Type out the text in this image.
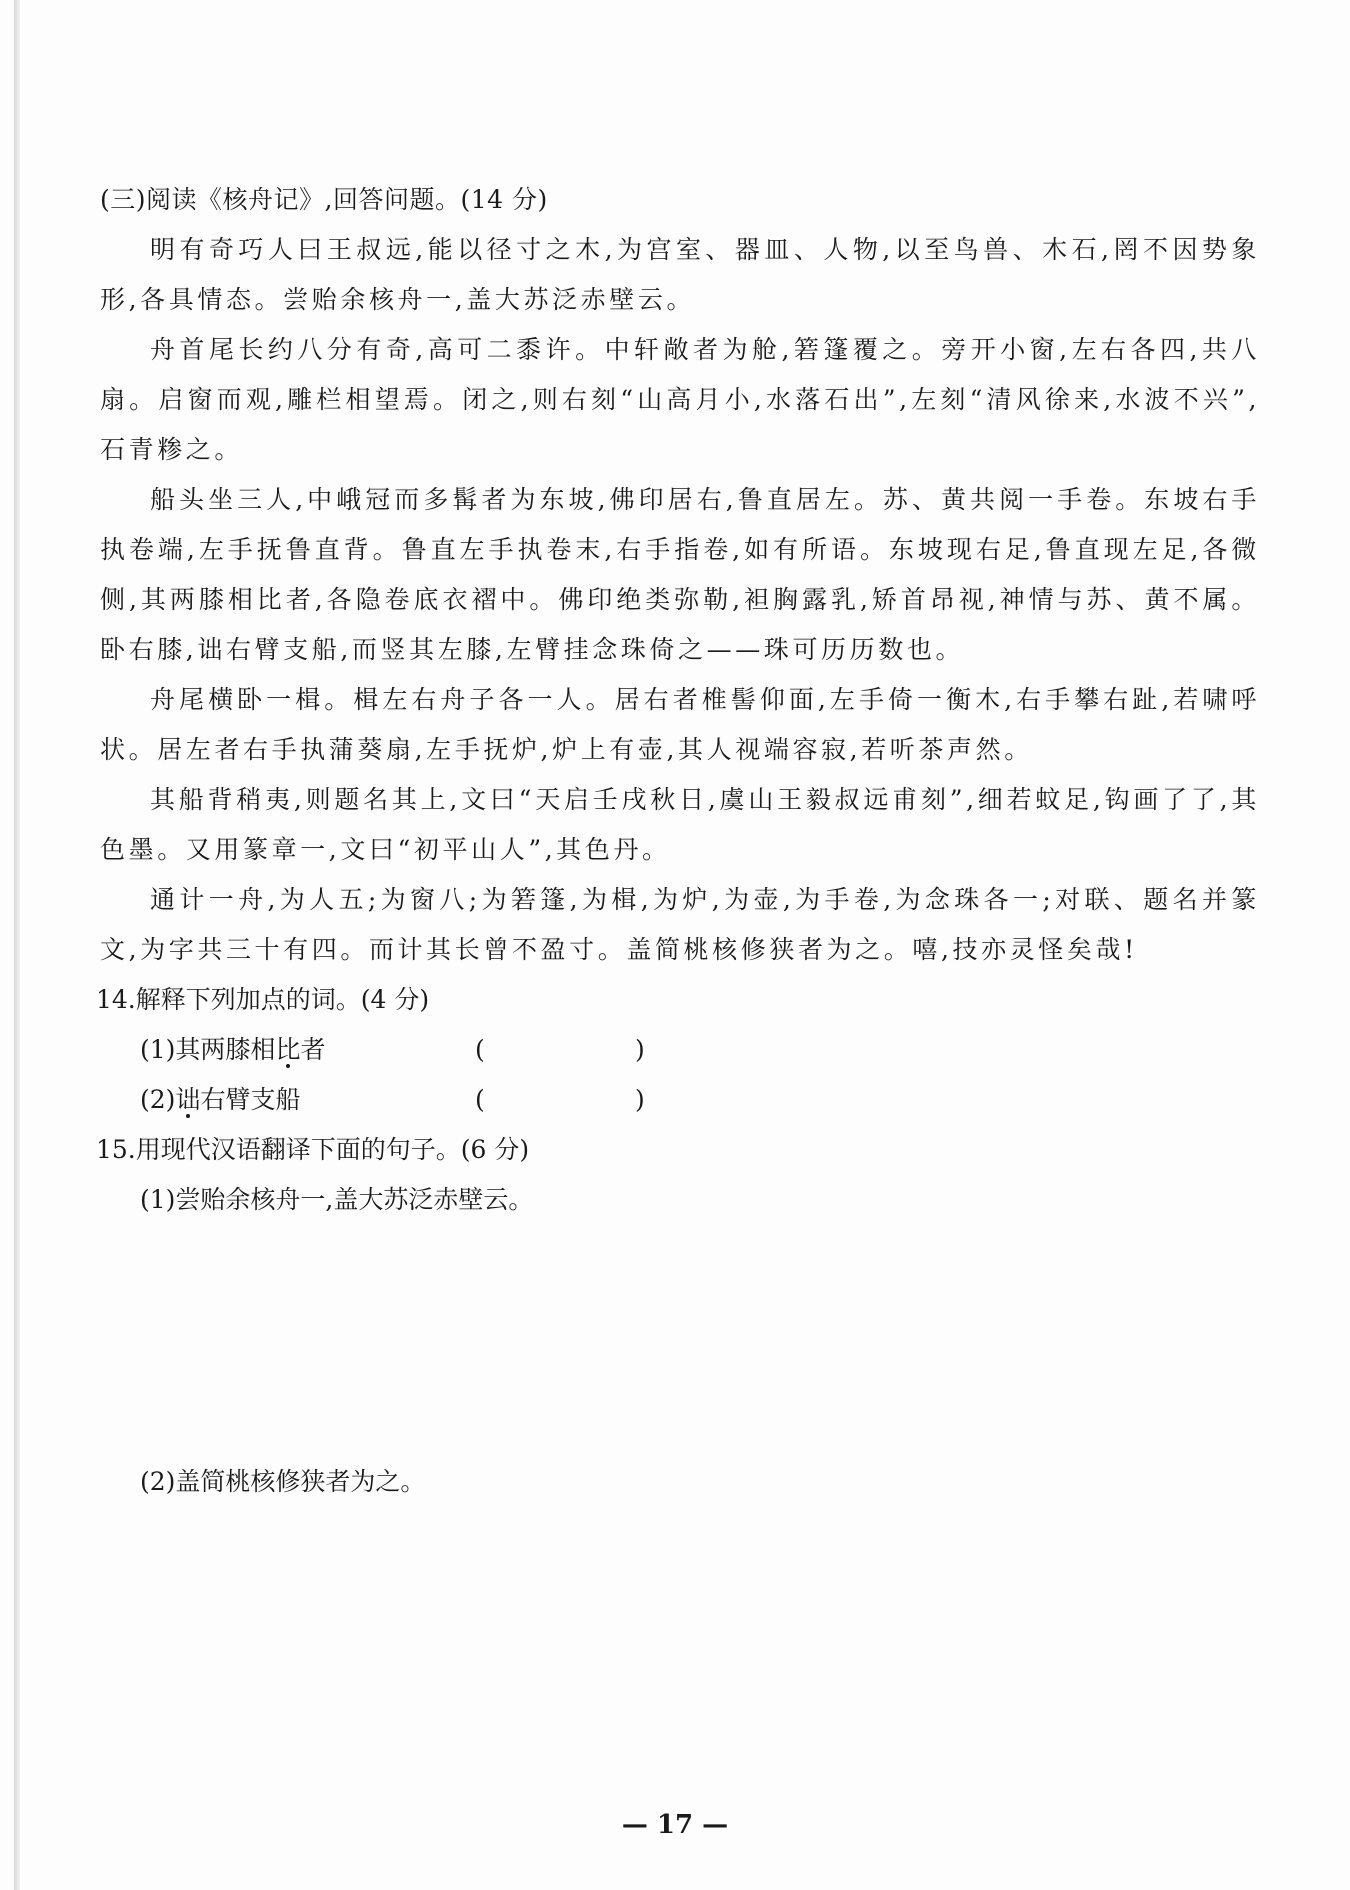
(三)阅读《核舟记》,回答问题。(14 分)

明有奇巧人曰王叔远,能以径寸之木,为宫室、器皿、人物,以至鸟兽、木石,罔不因势象形,各具情态。尝贻余核舟一,盖大苏泛赤壁云。

舟首尾长约八分有奇,高可二黍许。中轩敞者为舱,箬篷覆之。旁开小窗,左右各四,共八扇。启窗而观,雕栏相望焉。闭之,则右刻“山高月小,水落石出”,左刻“清风徐来,水波不兴”,石青糁之。

船头坐三人,中峨冠而多髯者为东坡,佛印居右,鲁直居左。苏、黄共阅一手卷。东坡右手执卷端,左手抚鲁直背。鲁直左手执卷末,右手指卷,如有所语。东坡现右足,鲁直现左足,各微侧,其两膝相比者,各隐卷底衣褶中。佛印绝类弥勒,袒胸露乳,矫首昂视,神情与苏、黄不属。卧右膝,诎右臂支船,而竖其左膝,左臂挂念珠倚之——珠可历历数也。

舟尾横卧一楫。楫左右舟子各一人。居右者椎髻仰面,左手倚一衡木,右手攀右趾,若啸呼状。居左者右手执蒲葵扇,左手抚炉,炉上有壶,其人视端容寂,若听茶声然。

其船背稍夷,则题名其上,文曰“天启壬戌秋日,虞山王毅叔远甫刻”,细若蚊足,钩画了了,其色墨。又用篆章一,文曰“初平山人”,其色丹。

通计一舟,为人五;为窗八;为箬篷,为楫,为炉,为壶,为手卷,为念珠各一;对联、题名并篆文,为字共三十有四。而计其长曾不盈寸。盖简桃核修狭者为之。嘻,技亦灵怪矣哉!

14.解释下列加点的词。(4 分)

(1)其两膝相比者	(	)

(2)诎右臂支船	(	)

15.用现代汉语翻译下面的句子。(6 分)

(1)尝贻余核舟一,盖大苏泛赤壁云。

(2)盖简桃核修狭者为之。

— 17 —
